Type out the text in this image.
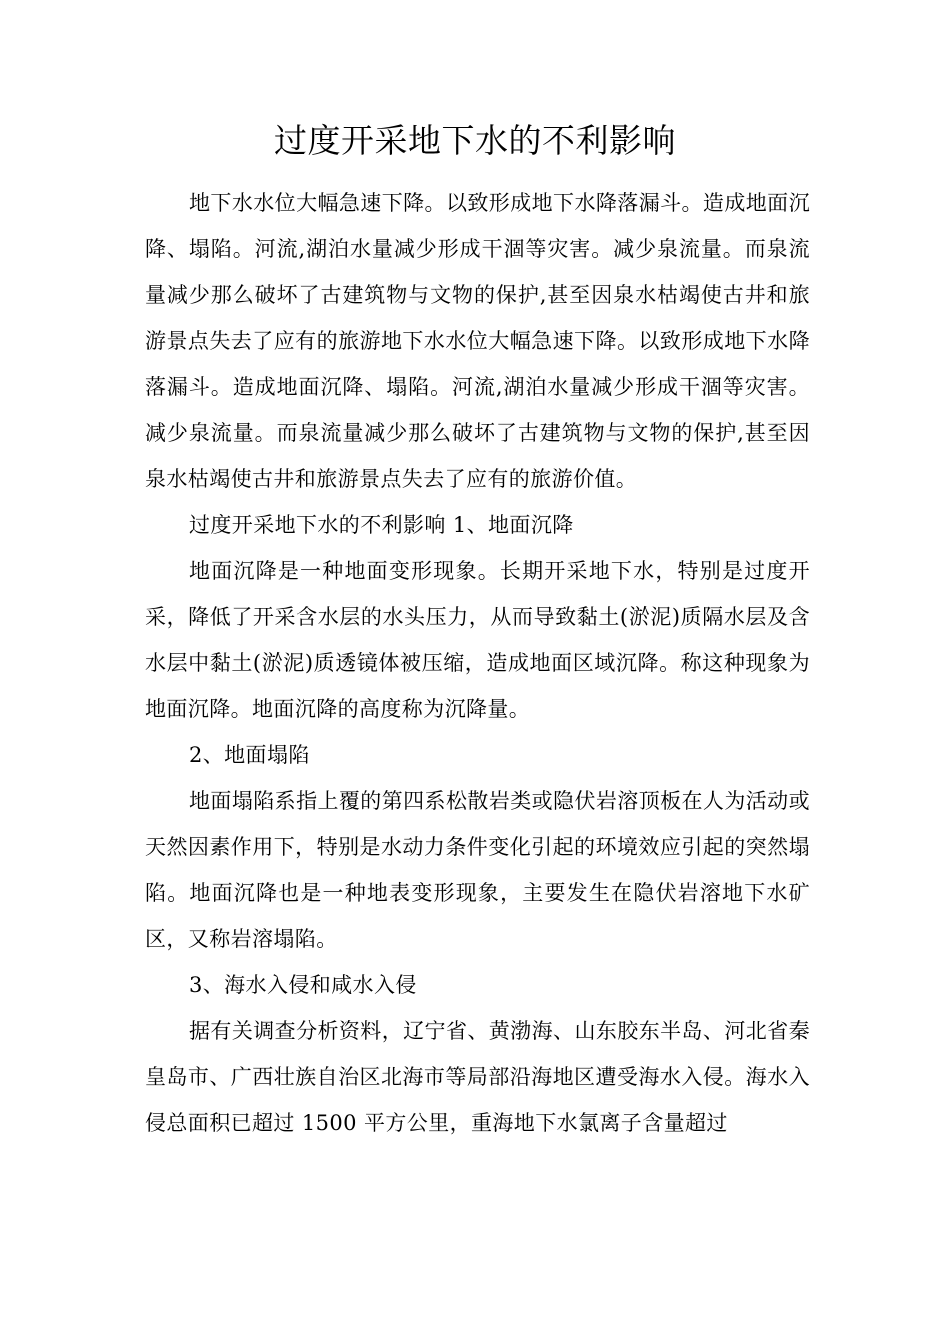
过度开采地下水的不利影响

地下水水位大幅急速下降。以致形成地下水降落漏斗。造成地面沉降、塌陷。河流,湖泊水量减少形成干涸等灾害。减少泉流量。而泉流量减少那么破坏了古建筑物与文物的保护,甚至因泉水枯竭使古井和旅游景点失去了应有的旅游地下水水位大幅急速下降。以致形成地下水降落漏斗。造成地面沉降、塌陷。河流,湖泊水量减少形成干涸等灾害。减少泉流量。而泉流量减少那么破坏了古建筑物与文物的保护,甚至因泉水枯竭使古井和旅游景点失去了应有的旅游价值。

过度开采地下水的不利影响 1、地面沉降

地面沉降是一种地面变形现象。长期开采地下水，特别是过度开采，降低了开采含水层的水头压力，从而导致黏土(淤泥)质隔水层及含水层中黏土(淤泥)质透镜体被压缩，造成地面区域沉降。称这种现象为地面沉降。地面沉降的高度称为沉降量。

2、地面塌陷

地面塌陷系指上覆的第四系松散岩类或隐伏岩溶顶板在人为活动或天然因素作用下，特别是水动力条件变化引起的环境效应引起的突然塌陷。地面沉降也是一种地表变形现象，主要发生在隐伏岩溶地下水矿区，又称岩溶塌陷。

3、海水入侵和咸水入侵

据有关调查分析资料，辽宁省、黄渤海、山东胶东半岛、河北省秦皇岛市、广西壮族自治区北海市等局部沿海地区遭受海水入侵。海水入侵总面积已超过 1500 平方公里，重海地下水氯离子含量超过
